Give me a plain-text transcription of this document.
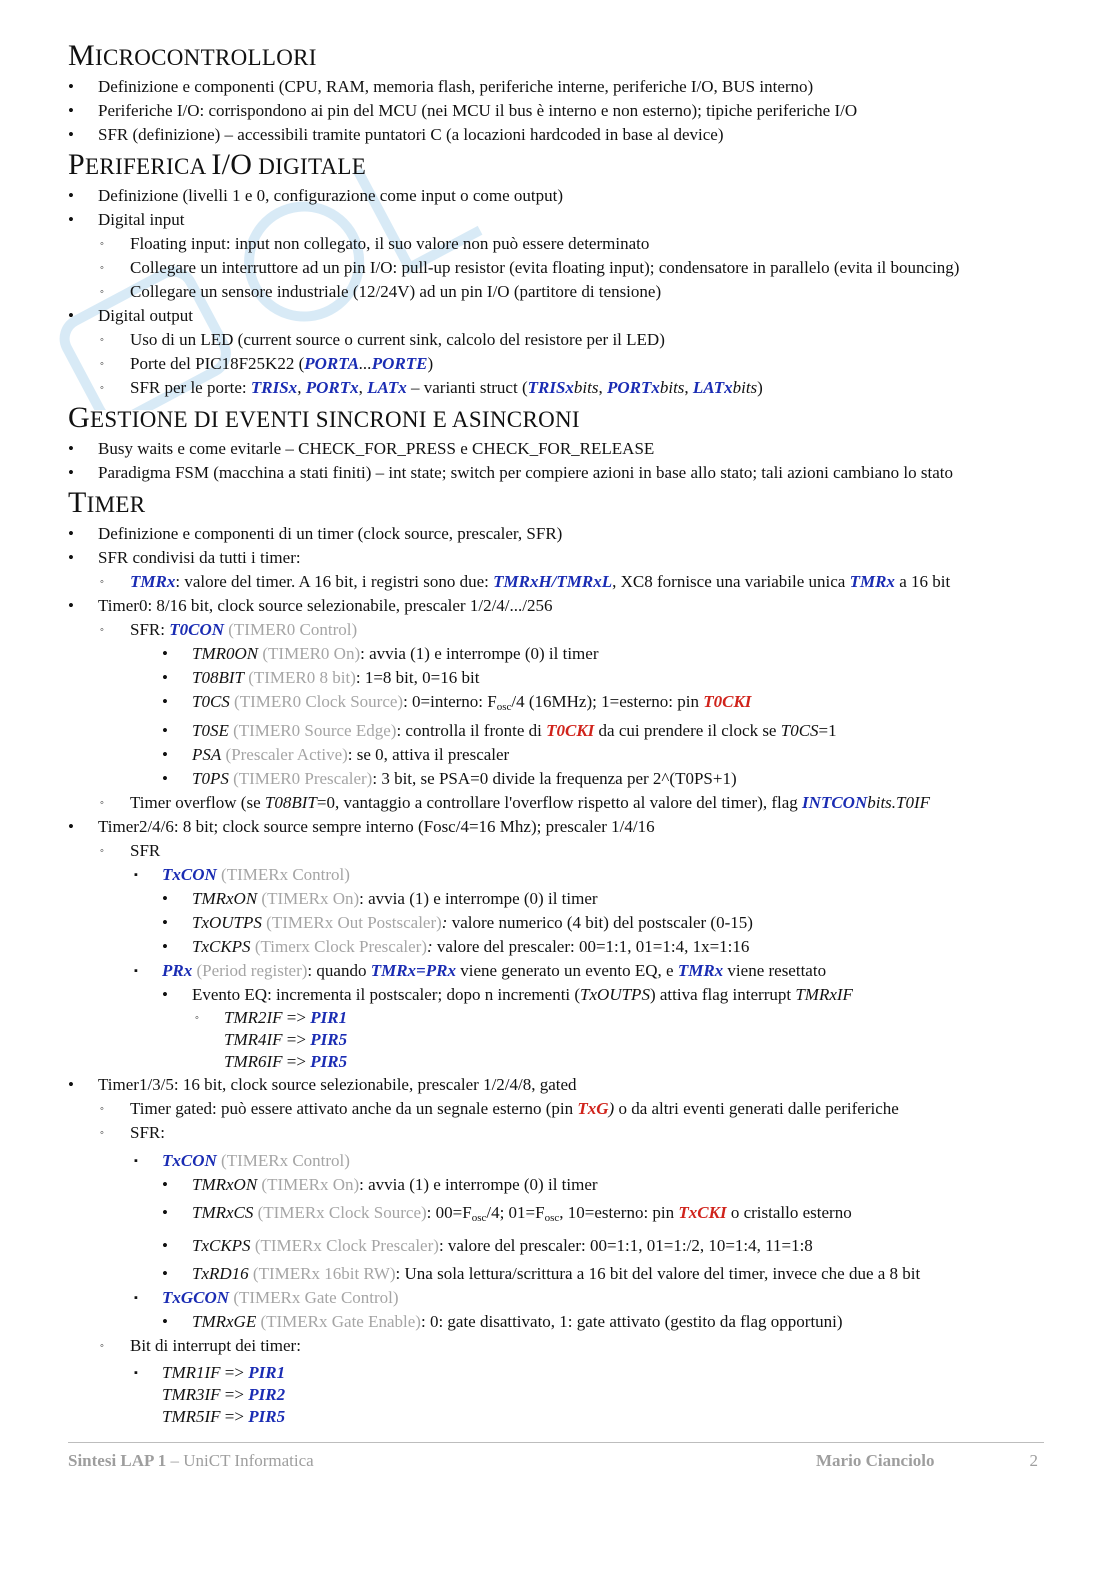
MICROCONTROLLORI
• Definizione e componenti (CPU, RAM, memoria flash, periferiche interne, periferiche I/O, BUS interno)
• Periferiche I/O: corrispondono ai pin del MCU (nei MCU il bus è interno e non esterno); tipiche periferiche I/O
• SFR (definizione) – accessibili tramite puntatori C (a locazioni hardcoded in base al device)
PERIFERICA I/O DIGITALE
• Definizione (livelli 1 e 0, configurazione come input o come output)
• Digital input
◦ Floating input: input non collegato, il suo valore non può essere determinato
◦ Collegare un interruttore ad un pin I/O: pull-up resistor (evita floating input); condensatore in parallelo (evita il bouncing)
◦ Collegare un sensore industriale (12/24V) ad un pin I/O (partitore di tensione)
• Digital output
◦ Uso di un LED (current source o current sink, calcolo del resistore per il LED)
◦ Porte del PIC18F25K22 (PORTA...PORTE)
◦ SFR per le porte: TRISx, PORTx, LATx – varianti struct (TRISxbits, PORTxbits, LATxbits)
GESTIONE DI EVENTI SINCRONI E ASINCRONI
• Busy waits e come evitarle – CHECK_FOR_PRESS e CHECK_FOR_RELEASE
• Paradigma FSM (macchina a stati finiti) – int state; switch per compiere azioni in base allo stato; tali azioni cambiano lo stato
TIMER
• Definizione e componenti di un timer (clock source, prescaler, SFR)
• SFR condivisi da tutti i timer:
◦ TMRx: valore del timer. A 16 bit, i registri sono due: TMRxH/TMRxL, XC8 fornisce una variabile unica TMRx a 16 bit
• Timer0: 8/16 bit, clock source selezionabile, prescaler 1/2/4/.../256
◦ SFR: T0CON (TIMER0 Control)
• TMR0ON (TIMER0 On): avvia (1) e interrompe (0) il timer
• T08BIT (TIMER0 8 bit): 1=8 bit, 0=16 bit
• T0CS (TIMER0 Clock Source): 0=interno: $F_{osc}/4$ (16MHz); 1=esterno: pin T0CKI
• T0SE (TIMER0 Source Edge): controlla il fronte di T0CKI da cui prendere il clock se T0CS=1
• PSA (Prescaler Active): se 0, attiva il prescaler
• T0PS (TIMER0 Prescaler): 3 bit, se PSA=0 divide la frequenza per 2^(T0PS+1)
◦ Timer overflow (se T08BIT=0, vantaggio a controllare l'overflow rispetto al valore del timer), flag INTCONbits.T0IF
• Timer2/4/6: 8 bit; clock source sempre interno (Fosc/4=16 Mhz); prescaler 1/4/16
◦ SFR
▪ TxCON (TIMERx Control)
• TMRxON (TIMERx On): avvia (1) e interrompe (0) il timer
• TxOUTPS (TIMERx Out Postscaler): valore numerico (4 bit) del postscaler (0-15)
• TxCKPS (Timerx Clock Prescaler): valore del prescaler: 00=1:1, 01=1:4, 1x=1:16
▪ PRx (Period register): quando TMRx=PRx viene generato un evento EQ, e TMRx viene resettato
• Evento EQ: incrementa il postscaler; dopo n incrementi (TxOUTPS) attiva flag interrupt TMRxIF
◦ TMR2IF => PIR1
TMR4IF => PIR5
TMR6IF => PIR5
• Timer1/3/5: 16 bit, clock source selezionabile, prescaler 1/2/4/8, gated
◦ Timer gated: può essere attivato anche da un segnale esterno (pin TxG) o da altri eventi generati dalle periferiche
◦ SFR:
▪ TxCON (TIMERx Control)
• TMRxON (TIMERx On): avvia (1) e interrompe (0) il timer
• TMRxCS (TIMERx Clock Source): $00=F_{osc}/4$; $01=F_{osc}$, 10=esterno: pin TxCKI o cristallo esterno
• TxCKPS (TIMERx Clock Prescaler): valore del prescaler: 00=1:1, 01=1:/2, 10=1:4, 11=1:8
• TxRD16 (TIMERx 16bit RW): Una sola lettura/scrittura a 16 bit del valore del timer, invece che due a 8 bit
▪ TxGCON (TIMERx Gate Control)
• TMRxGE (TIMERx Gate Enable): 0: gate disattivato, 1: gate attivato (gestito da flag opportuni)
◦ Bit di interrupt dei timer:
▪ TMR1IF => PIR1
TMR3IF => PIR2
TMR5IF => PIR5
Sintesi LAP 1 – UniCT Informatica	Mario Cianciolo	2
